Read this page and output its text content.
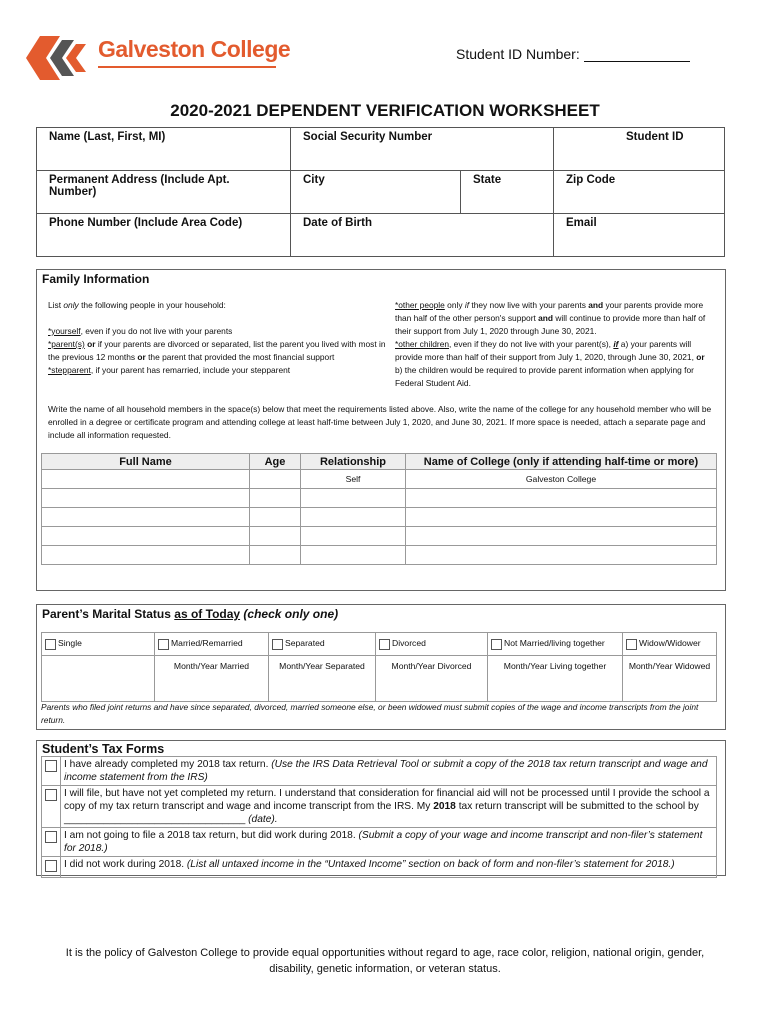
Galveston College	Student ID Number:
2020-2021 DEPENDENT VERIFICATION WORKSHEET
Name (Last, First, MI)	Social Security Number		Student ID
Permanent Address (Include Apt. Number)	City	State	Zip Code
Phone Number (Include Area Code)	Date of Birth		Email
Family Information
List only the following people in your household:
*yourself, even if you do not live with your parents
*parent(s) or if your parents are divorced or separated, list the parent you lived with most in the previous 12 months or the parent that provided the most financial support
*stepparent, if your parent has remarried, include your stepparent
*other people only if they now live with your parents and your parents provide more than half of the other person's support and will continue to provide more than half of their support from July 1, 2020 through June 30, 2021.
*other children, even if they do not live with your parent(s), if a) your parents will provide more than half of their support from July 1, 2020, through June 30, 2021, or b) the children would be required to provide parent information when applying for Federal Student Aid.
Write the name of all household members in the space(s) below that meet the requirements listed above. Also, write the name of the college for any household member who will be enrolled in a degree or certificate program and attending college at least half-time between July 1, 2020, and June 30, 2021. If more space is needed, attach a separate page and include all information requested.
Full Name	Age	Relationship	Name of College (only if attending half-time or more)
		Self	Galveston College

Parent’s Marital Status as of Today (check only one)
Single	Married/Remarried	Separated	Divorced	Not Married/living together	Widow/Widower
	Month/Year Married	Month/Year Separated	Month/Year Divorced	Month/Year Living together	Month/Year Widowed
Parents who filed joint returns and have since separated, divorced, married someone else, or been widowed must submit copies of the wage and income transcripts from the joint return.
Student’s Tax Forms
	I have already completed my 2018 tax return. (Use the IRS Data Retrieval Tool or submit a copy of the 2018 tax return transcript and wage and income statement from the IRS)
	I will file, but have not yet completed my return. I understand that consideration for financial aid will not be processed until I provide the school a copy of my tax return transcript and wage and income transcript from the IRS. My 2018 tax return transcript will be submitted to the school by
________________________________ (date).
	I am not going to file a 2018 tax return, but did work during 2018. (Submit a copy of your wage and income transcript and non-filer’s statement for 2018.)
	I did not work during 2018. (List all untaxed income in the “Untaxed Income” section on back of form and non-filer’s statement for 2018.)
It is the policy of Galveston College to provide equal opportunities without regard to age, race color, religion, national origin, gender, disability, genetic information, or veteran status.
